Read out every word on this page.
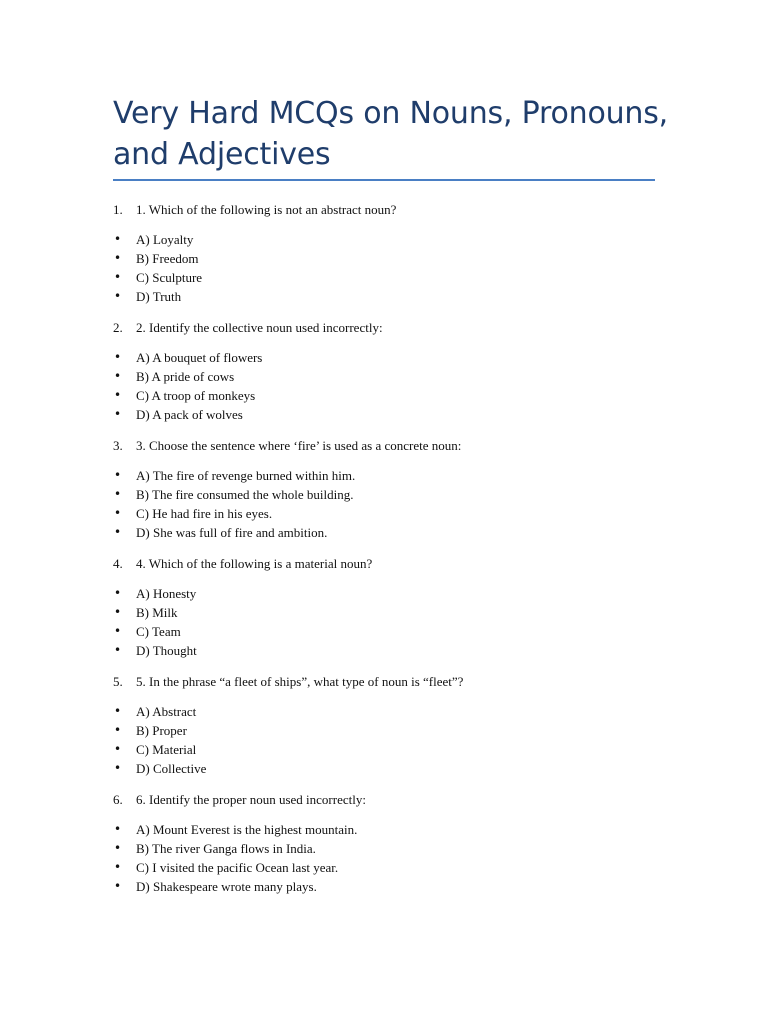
Very Hard MCQs on Nouns, Pronouns,
and Adjectives
1. 1. Which of the following is not an abstract noun?
• A) Loyalty
• B) Freedom
• C) Sculpture
• D) Truth
2. 2. Identify the collective noun used incorrectly:
• A) A bouquet of flowers
• B) A pride of cows
• C) A troop of monkeys
• D) A pack of wolves
3. 3. Choose the sentence where ‘fire’ is used as a concrete noun:
• A) The fire of revenge burned within him.
• B) The fire consumed the whole building.
• C) He had fire in his eyes.
• D) She was full of fire and ambition.
4. 4. Which of the following is a material noun?
• A) Honesty
• B) Milk
• C) Team
• D) Thought
5. 5. In the phrase “a fleet of ships”, what type of noun is “fleet”?
• A) Abstract
• B) Proper
• C) Material
• D) Collective
6. 6. Identify the proper noun used incorrectly:
• A) Mount Everest is the highest mountain.
• B) The river Ganga flows in India.
• C) I visited the pacific Ocean last year.
• D) Shakespeare wrote many plays.
